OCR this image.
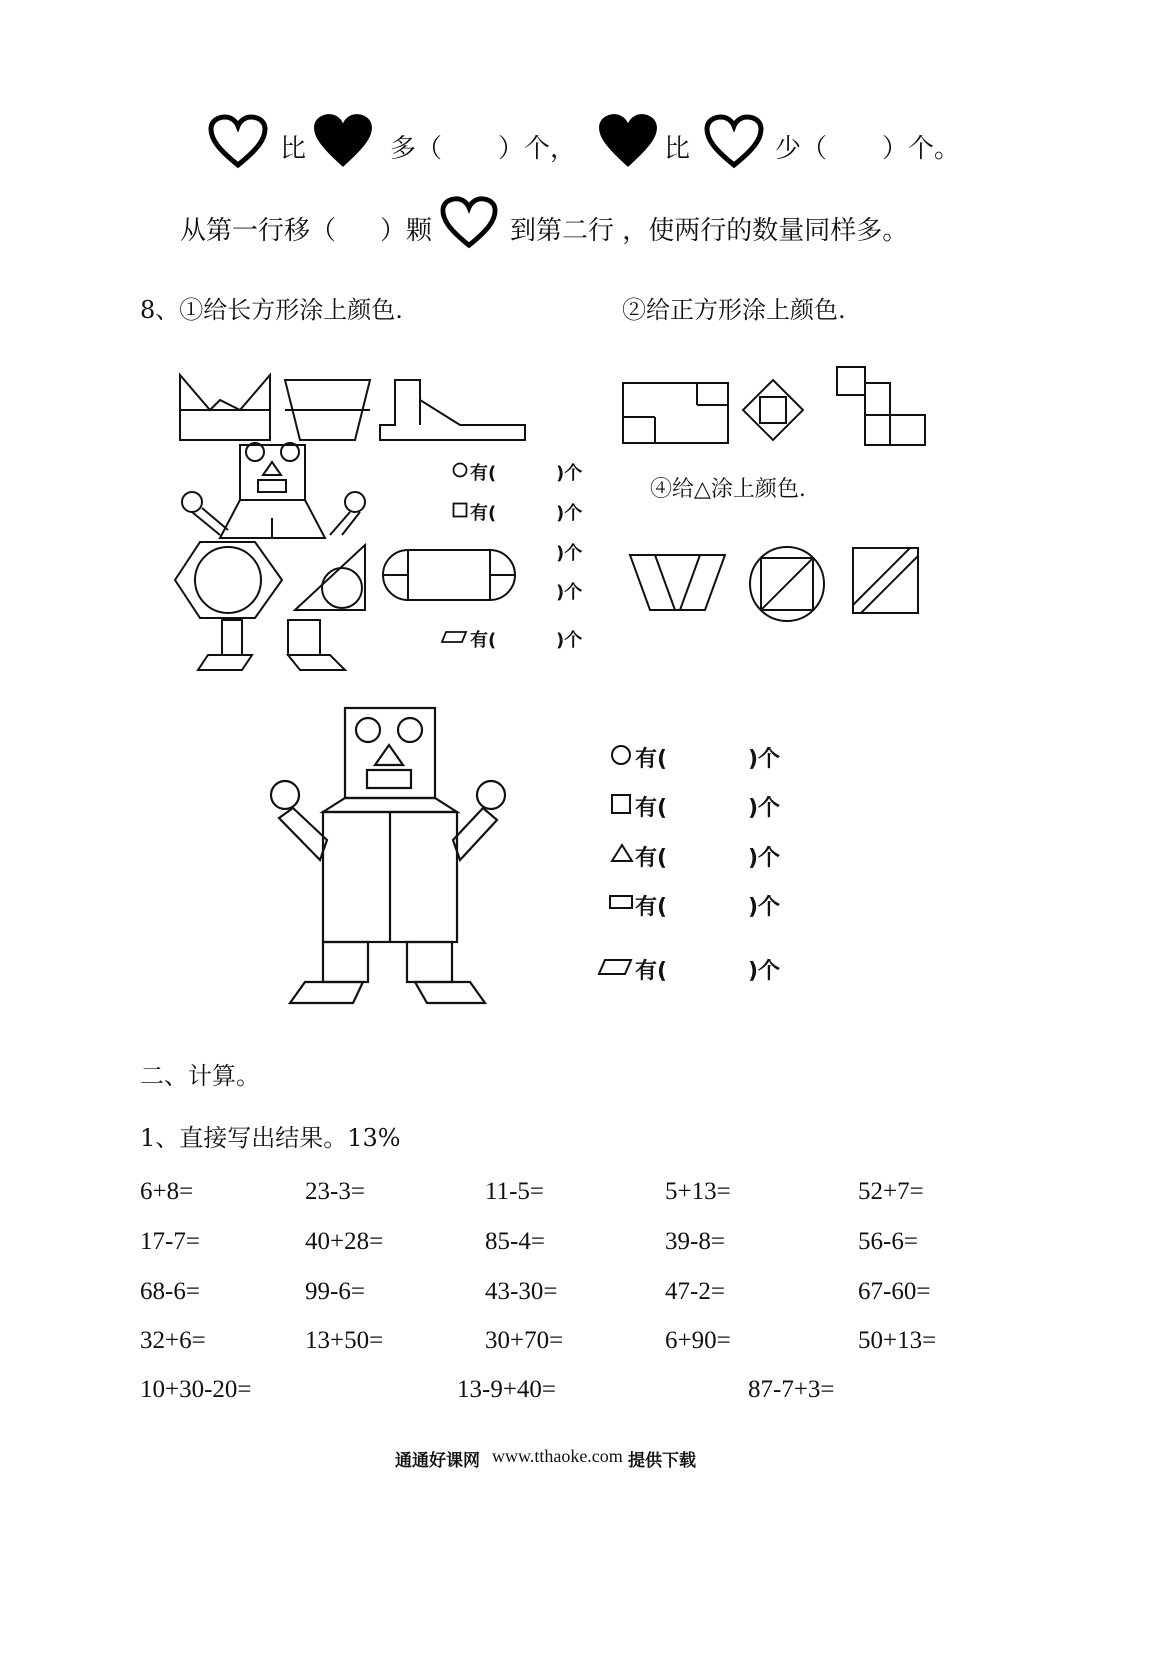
比	多（ ）个，	比	少（ ）个。
从第一行移（ ）颗	到第二行 ，使两行的数量同样多。
8、①给长方形涂上颜色.	②给正方形涂上颜色.
有(	)个
有(	)个
)个
)个
有(	)个
④给△涂上颜色.
有(	)个
有(	)个
有(	)个
有(	)个
有(	)个
二、计算。
1、直接写出结果。13%
6+8=	23-3=	11-5=	5+13=	52+7=
17-7=	40+28=	85-4=	39-8=	56-6=
68-6=	99-6=	43-30=	47-2=	67-60=
32+6=	13+50=	30+70=	6+90=	50+13=
10+30-20=	13-9+40=	87-7+3=
通通好课网 www.tthaoke.com 提供下载
